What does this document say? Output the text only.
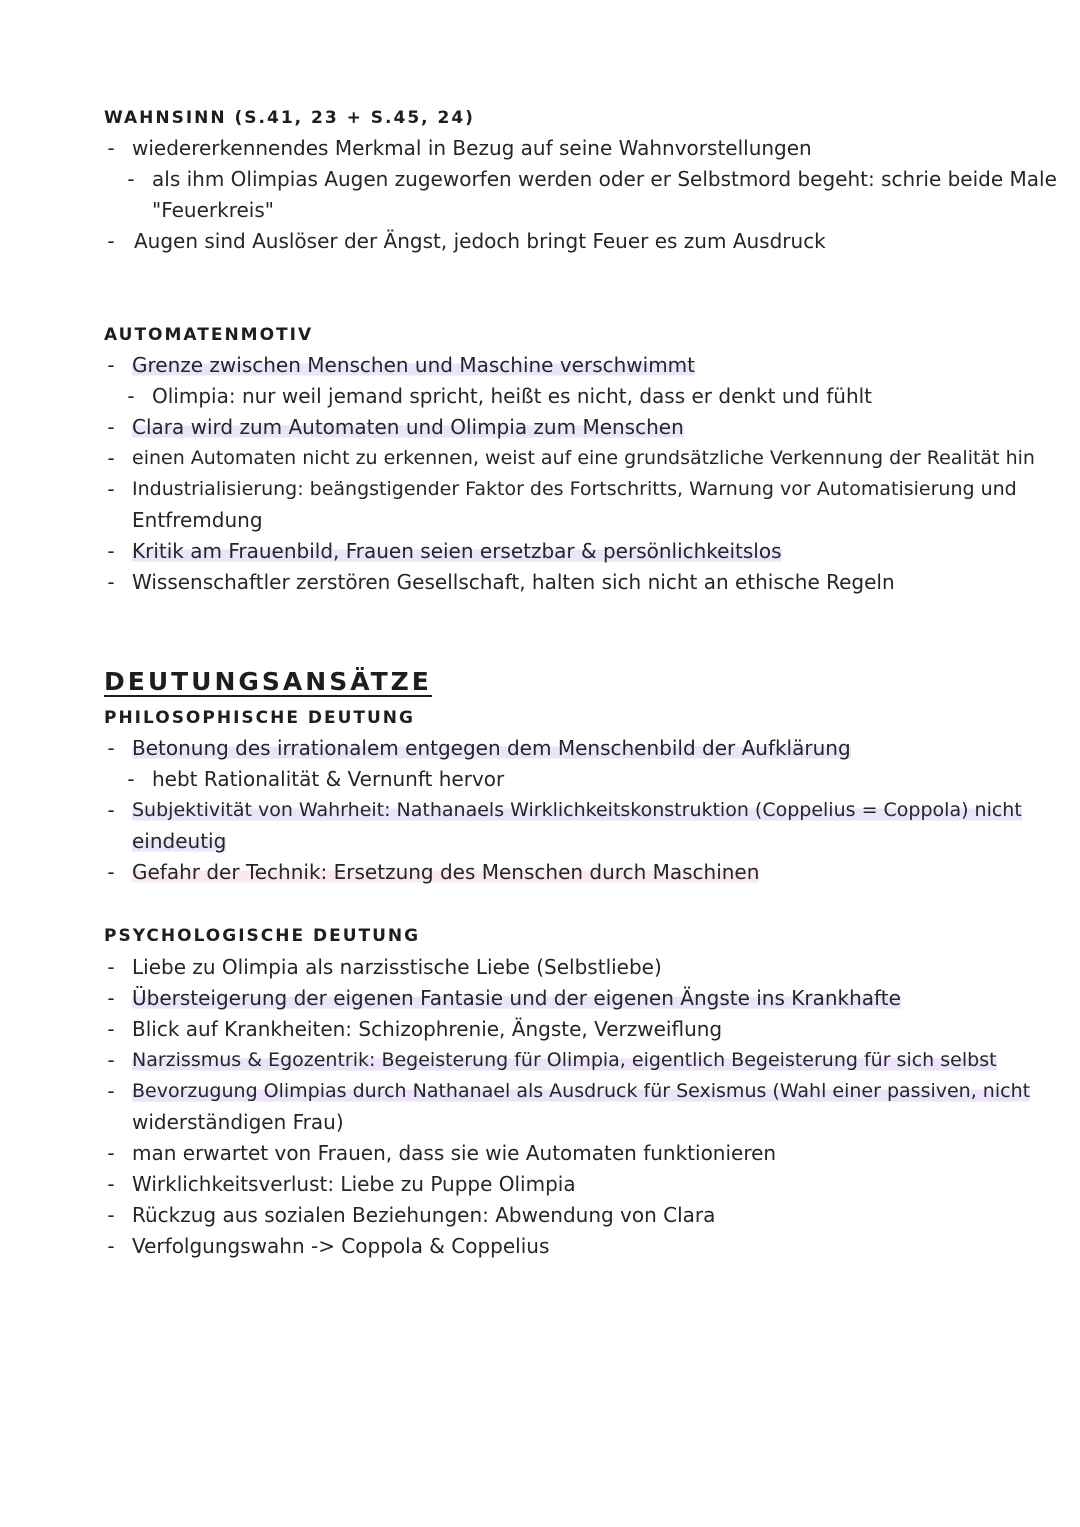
WAHNSINN (S.41, 23 + S.45, 24)
- wiedererkennendes Merkmal in Bezug auf seine Wahnvorstellungen
- als ihm Olimpias Augen zugeworfen werden oder er Selbstmord begeht: schrie beide Male
"Feuerkreis"
- Augen sind Auslöser der Ängst, jedoch bringt Feuer es zum Ausdruck
AUTOMATENMOTIV
- Grenze zwischen Menschen und Maschine verschwimmt
- Olimpia: nur weil jemand spricht, heißt es nicht, dass er denkt und fühlt
- Clara wird zum Automaten und Olimpia zum Menschen
- einen Automaten nicht zu erkennen, weist auf eine grundsätzliche Verkennung der Realität hin
- Industrialisierung: beängstigender Faktor des Fortschritts, Warnung vor Automatisierung und
Entfremdung
- Kritik am Frauenbild, Frauen seien ersetzbar & persönlichkeitslos
- Wissenschaftler zerstören Gesellschaft, halten sich nicht an ethische Regeln
DEUTUNGSANSÄTZE
PHILOSOPHISCHE DEUTUNG
- Betonung des irrationalem entgegen dem Menschenbild der Aufklärung
- hebt Rationalität & Vernunft hervor
- Subjektivität von Wahrheit: Nathanaels Wirklichkeitskonstruktion (Coppelius = Coppola) nicht
eindeutig
- Gefahr der Technik: Ersetzung des Menschen durch Maschinen
PSYCHOLOGISCHE DEUTUNG
- Liebe zu Olimpia als narzisstische Liebe (Selbstliebe)
- Übersteigerung der eigenen Fantasie und der eigenen Ängste ins Krankhafte
- Blick auf Krankheiten: Schizophrenie, Ängste, Verzweiflung
- Narzissmus & Egozentrik: Begeisterung für Olimpia, eigentlich Begeisterung für sich selbst
- Bevorzugung Olimpias durch Nathanael als Ausdruck für Sexismus (Wahl einer passiven, nicht
widerständigen Frau)
- man erwartet von Frauen, dass sie wie Automaten funktionieren
- Wirklichkeitsverlust: Liebe zu Puppe Olimpia
- Rückzug aus sozialen Beziehungen: Abwendung von Clara
- Verfolgungswahn -> Coppola & Coppelius
